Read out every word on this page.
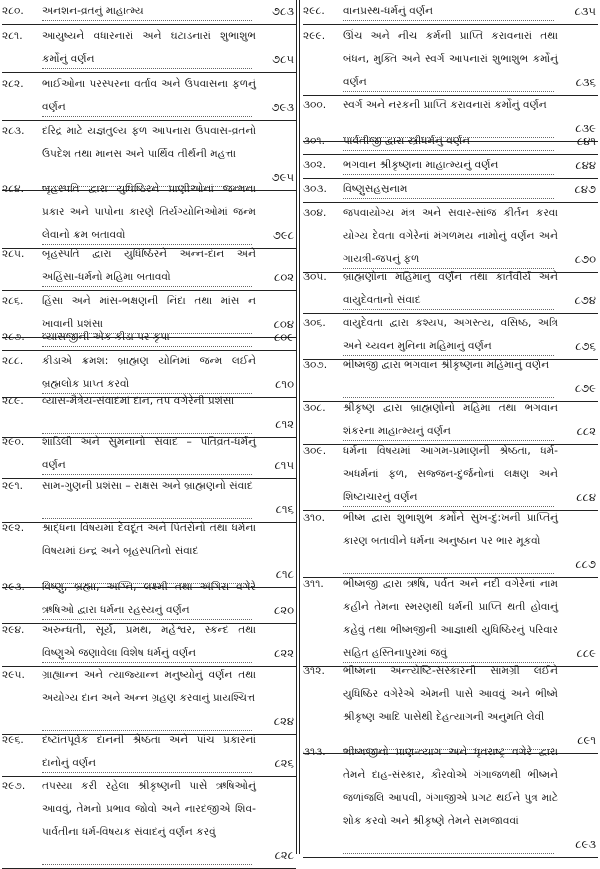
૨૮૦. અનશન-વ્રતનું માહાત્મ્ય	૭૮૩
૨૮૧. આયુષ્યને વધારનારાં અને ઘટાડનારાં શુભાશુભ કર્મોનું વર્ણન	૭૮૫
૨૮૨. ભાઈઓના પરસ્પરના વર્તાવ અને ઉપવાસના ફળનું વર્ણન	૭૯૩
૨૮૩. દરિદ્ર માટે યજ્ઞતુલ્ય ફળ આપનારા ઉપવાસ-વ્રતનો ઉપદેશ તથા માનસ અને પાર્થિવ તીર્થની મહત્તા
૭૯૫
૨૮૪. બૃહસ્પતિ દ્વારા યુધિષ્ઠિરને પ્રાણીઓનાં જન્મના પ્રકાર અને પાપોના કારણે તિર્યગ્યોનિઓમાં જન્મ લેવાનો ક્રમ બતાવવો	૭૯૮
૨૮૫. બૃહસ્પતિ દ્વારા યુધિષ્ઠિરને અન્ન-દાન અને અહિંસા-ધર્મનો મહિમા બતાવવો	૮૦૨
૨૮૬. હિંસા અને માંસ-ભક્ષણની નિંદા તથા માંસ ન ખાવાની પ્રશંસા	૮૦૪
૨૮૭. વ્યાસજીની એક કીડા પર કૃપા	૮૦૯
૨૮૮. કીડાએ ક્રમશ: બ્રાહ્મણ યોનિમાં જન્મ લઈને બ્રહ્મલોક પ્રાપ્ત કરવો	૮૧૦
૨૮૯. વ્યાસ-મૈત્રેય-સંવાદમાં દાન, તપ વગેરેની પ્રશંસા
૮૧૨
૨૯૦. શાંડિલી અને સુમનાનો સંવાદ – પતિવ્રત-ધર્મનું વર્ણન	૮૧૫
૨૯૧. સામ-ગુણની પ્રશંસા – રાક્ષસ અને બ્રાહ્મણનો સંવાદ
૮૧૬
૨૯૨. શ્રાદ્ધના વિષયમાં દેવદૂત અને પિતરોનો તથા ધર્મના વિષયમાં ઇન્દ્ર અને બૃહસ્પતિનો સંવાદ
૮૧૮
૨૯૩. વિષ્ણુ, બ્રહ્મા, અગ્નિ, લક્ષ્મી તથા અંગિરા વગેરે ઋષિઓ દ્વારા ધર્મના રહસ્યનું વર્ણન	૮૨૦
૨૯૪. અરુન્ધતી, સૂર્ય, પ્રમથ, મહેશ્વર, સ્કન્દ તથા વિષ્ણુએ જણાવેલા વિશેષ ધર્મનું વર્ણન	૮૨૨
૨૯૫. ગ્રાહ્યાન્ન અને ત્યાજ્યાન્ન મનુષ્યોનું વર્ણન તથા અયોગ્ય દાન અને અન્ન ગ્રહણ કરવાનું પ્રાયશ્ચિત્ત
૮૨૪
૨૯૬. દષ્ટાંતપૂર્વક દાનની શ્રેષ્ઠતા અને પાંચ પ્રકારનાં દાનોનું વર્ણન	૮૨૬
૨૯૭. તપસ્યા કરી રહેલા શ્રીકૃષ્ણની પાસે ઋષિઓનું આવવું, તેમનો પ્રભાવ જોવો અને નારદજીએ શિવ-પાર્વતીના ધર્મ-વિષયક સંવાદનું વર્ણન કરવું
૮૨૮
૨૯૮. વાનપ્રસ્થ-ધર્મનું વર્ણન	૮૩૫
૨૯૯. ઊંચ અને નીચ કર્મની પ્રાપ્તિ કરાવનારાં તથા બંધન, મુક્તિ અને સ્વર્ગ આપનારાં શુભાશુભ કર્મોનું વર્ણન	૮૩૬
૩૦૦. સ્વર્ગ અને નરકની પ્રાપ્તિ કરાવનારાં કર્મોનું વર્ણન
૮૩૯
૩૦૧. પાર્વતીજી દ્વારા સ્ત્રીધર્મનું વર્ણન	૮૪૧
૩૦૨. ભગવાન શ્રીકૃષ્ણના માહાત્મ્યનું વર્ણન	૮૪૪
૩૦૩. વિષ્ણુસહસ્રનામ	૮૪૭
૩૦૪. જપવાયોગ્ય મંત્ર અને સવાર-સાંજ કીર્તન કરવા યોગ્ય દેવતા વગેરેનાં મંગળમય નામોનું વર્ણન અને ગાયત્રી-જપનું ફળ	૮૭૦
૩૦૫. બ્રાહ્મણોના મહિમાનું વર્ણન તથા કાર્તવીર્ય અને વાયુદેવતાનો સંવાદ	૮૭૪
૩૦૬. વાયુદેવતા દ્વારા કશ્યપ, અગસ્ત્ય, વસિષ્ઠ, અત્રિ અને ચ્યવન મુનિના મહિમાનું વર્ણન	૮૭૬
૩૦૭. ભીષ્મજી દ્વારા ભગવાન શ્રીકૃષ્ણના મહિમાનું વર્ણન
૮૭૯
૩૦૮. શ્રીકૃષ્ણ દ્વારા બ્રાહ્મણોનો મહિમા તથા ભગવાન શંકરના માહાત્મ્યનું વર્ણન	૮૮૨
૩૦૯. ધર્મના વિષયમાં આગમ-પ્રમાણની શ્રેષ્ઠતા, ધર્મ-અધર્મનાં ફળ, સજ્જન-દુર્જનોનાં લક્ષણ અને શિષ્ટાચારનું વર્ણન	૮૮૪
૩૧૦. ભીષ્મ દ્વારા શુભાશુભ કર્મોને સુખ-દુ:ખની પ્રાપ્તિનું કારણ બતાવીને ધર્મના અનુષ્ઠાન પર ભાર મૂકવો
૮૮૭
૩૧૧. ભીષ્મજી દ્વારા ઋષિ, પર્વત અને નદી વગેરેનાં નામ કહીને તેમના સ્મરણથી ધર્મની પ્રાપ્તિ થતી હોવાનું કહેવું તથા ભીષ્મજીની આજ્ઞાથી યુધિષ્ઠિરનું પરિવાર સહિત હસ્તિનાપુરમાં જવું	૮૮૯
૩૧૨. ભીષ્મના અન્ત્યેષ્ટિ-સંસ્કારની સામગ્રી લઈને યુધિષ્ઠિર વગેરેએ એમની પાસે આવવું અને ભીષ્મે શ્રીકૃષ્ણ આદિ પાસેથી દેહત્યાગની અનુમતિ લેવી
૮૯૧
૩૧૩. ભીષ્મજીનો પ્રાણ-ત્યાગ અને ધૃતરાષ્ટ્ર વગેરે દ્વારા તેમને દાહ-સંસ્કાર, કૌરવોએ ગંગાજળથી ભીષ્મને જળાંજલિ આપવી, ગંગાજીએ પ્રગટ થઈને પુત્ર માટે શોક કરવો અને શ્રીકૃષ્ણે તેમને સમજાવવાં
૮૯૩
